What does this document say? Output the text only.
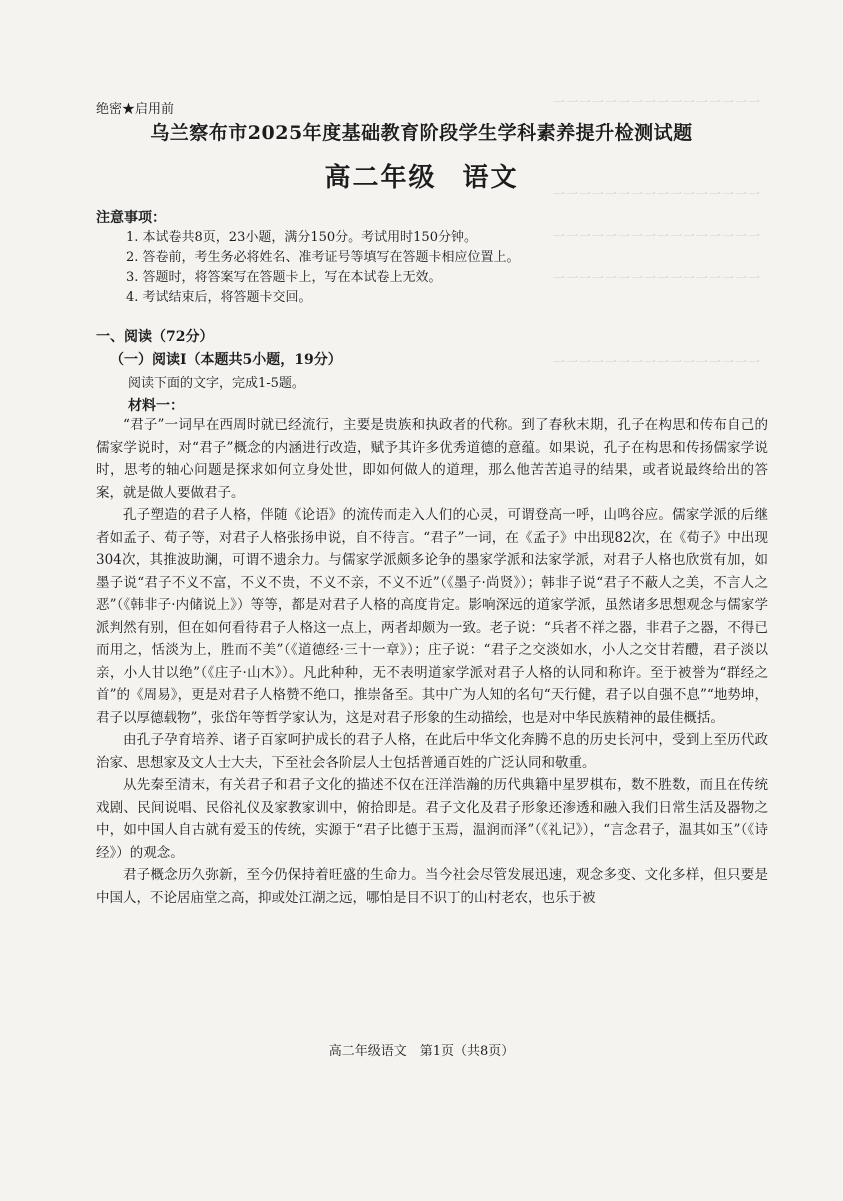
一一一一一一一一一一一一一一一一
一一一一一一一一一一一一一一一一
一一一一一一一一一一一一一一一一
一一一一一一一一一一一一一一一一
一一一一一一一一一一一一一一一一
绝密★启用前
乌兰察布市2025年度基础教育阶段学生学科素养提升检测试题
高二年级 语文
注意事项：
1. 本试卷共8页，23小题，满分150分。考试用时150分钟。
2. 答卷前，考生务必将姓名、准考证号等填写在答题卡相应位置上。
3. 答题时，将答案写在答题卡上，写在本试卷上无效。
4. 考试结束后，将答题卡交回。
一、阅读（72分）
（一）阅读Ⅰ（本题共5小题，19分）
阅读下面的文字，完成1-5题。
材料一：

“君子”一词早在西周时就已经流行，主要是贵族和执政者的代称。到了春秋末期，孔子在构思和传布自己的儒家学说时，对“君子”概念的内涵进行改造，赋予其许多优秀道德的意蕴。如果说，孔子在构思和传扬儒家学说时，思考的轴心问题是探求如何立身处世，即如何做人的道理，那么他苦苦追寻的结果，或者说最终给出的答案，就是做人要做君子。

孔子塑造的君子人格，伴随《论语》的流传而走入人们的心灵，可谓登高一呼，山鸣谷应。儒家学派的后继者如孟子、荀子等，对君子人格张扬申说，自不待言。“君子”一词，在《孟子》中出现82次，在《荀子》中出现304次，其推波助澜，可谓不遗余力。与儒家学派颇多论争的墨家学派和法家学派，对君子人格也欣赏有加，如墨子说“君子不义不富，不义不贵，不义不亲，不义不近”（《墨子·尚贤》）；韩非子说“君子不蔽人之美，不言人之恶”（《韩非子·内储说上》）等等，都是对君子人格的高度肯定。影响深远的道家学派，虽然诸多思想观念与儒家学派判然有别，但在如何看待君子人格这一点上，两者却颇为一致。老子说：“兵者不祥之器，非君子之器，不得已而用之，恬淡为上，胜而不美”（《道德经·三十一章》）；庄子说：“君子之交淡如水，小人之交甘若醴，君子淡以亲，小人甘以绝”（《庄子·山木》）。凡此种种，无不表明道家学派对君子人格的认同和称许。至于被誉为“群经之首”的《周易》，更是对君子人格赞不绝口，推崇备至。其中广为人知的名句“天行健，君子以自强不息”“地势坤，君子以厚德载物”，张岱年等哲学家认为，这是对君子形象的生动描绘，也是对中华民族精神的最佳概括。

由孔子孕育培养、诸子百家呵护成长的君子人格，在此后中华文化奔腾不息的历史长河中，受到上至历代政治家、思想家及文人士大夫，下至社会各阶层人士包括普通百姓的广泛认同和敬重。

从先秦至清末，有关君子和君子文化的描述不仅在汪洋浩瀚的历代典籍中星罗棋布，数不胜数，而且在传统戏剧、民间说唱、民俗礼仪及家教家训中，俯拾即是。君子文化及君子形象还渗透和融入我们日常生活及器物之中，如中国人自古就有爱玉的传统，实源于“君子比德于玉焉，温润而泽”（《礼记》），“言念君子，温其如玉”（《诗经》）的观念。

君子概念历久弥新，至今仍保持着旺盛的生命力。当今社会尽管发展迅速，观念多变、文化多样，但只要是中国人，不论居庙堂之高，抑或处江湖之远，哪怕是目不识丁的山村老农，也乐于被

高二年级语文　第1页（共8页）
